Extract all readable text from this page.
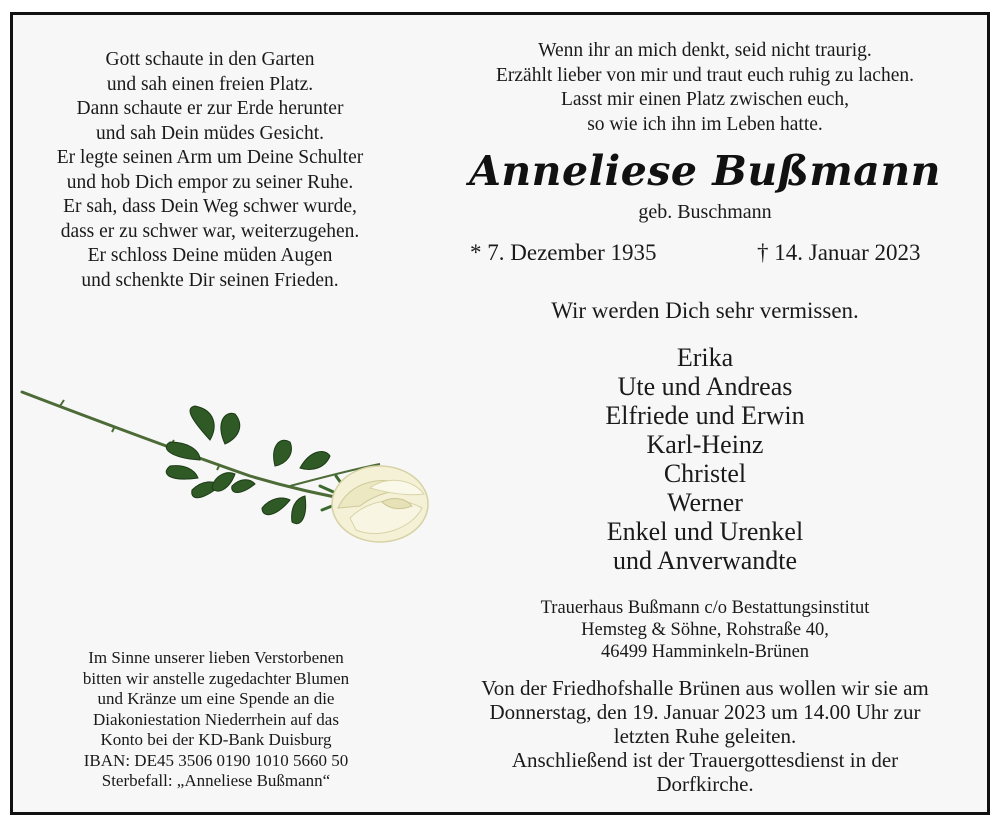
Gott schaute in den Garten
und sah einen freien Platz.
Dann schaute er zur Erde herunter
und sah Dein müdes Gesicht.
Er legte seinen Arm um Deine Schulter
und hob Dich empor zu seiner Ruhe.
Er sah, dass Dein Weg schwer wurde,
dass er zu schwer war, weiterzugehen.
Er schloss Deine müden Augen
und schenkte Dir seinen Frieden.
Wenn ihr an mich denkt, seid nicht traurig.
Erzählt lieber von mir und traut euch ruhig zu lachen.
Lasst mir einen Platz zwischen euch,
so wie ich ihn im Leben hatte.
Anneliese Bußmann
geb. Buschmann
* 7. Dezember 1935	† 14. Januar 2023
Wir werden Dich sehr vermissen.
Erika
Ute und Andreas
Elfriede und Erwin
Karl-Heinz
Christel
Werner
Enkel und Urenkel
und Anverwandte
Trauerhaus Bußmann c/o Bestattungsinstitut
Hemsteg & Söhne, Rohstraße 40,
46499 Hamminkeln-Brünen
Von der Friedhofshalle Brünen aus wollen wir sie am
Donnerstag, den 19. Januar 2023 um 14.00 Uhr zur
letzten Ruhe geleiten.
Anschließend ist der Trauergottesdienst in der
Dorfkirche.
Im Sinne unserer lieben Verstorbenen
bitten wir anstelle zugedachter Blumen
und Kränze um eine Spende an die
Diakoniestation Niederrhein auf das
Konto bei der KD-Bank Duisburg
IBAN: DE45 3506 0190 1010 5660 50
Sterbefall: „Anneliese Bußmann“
